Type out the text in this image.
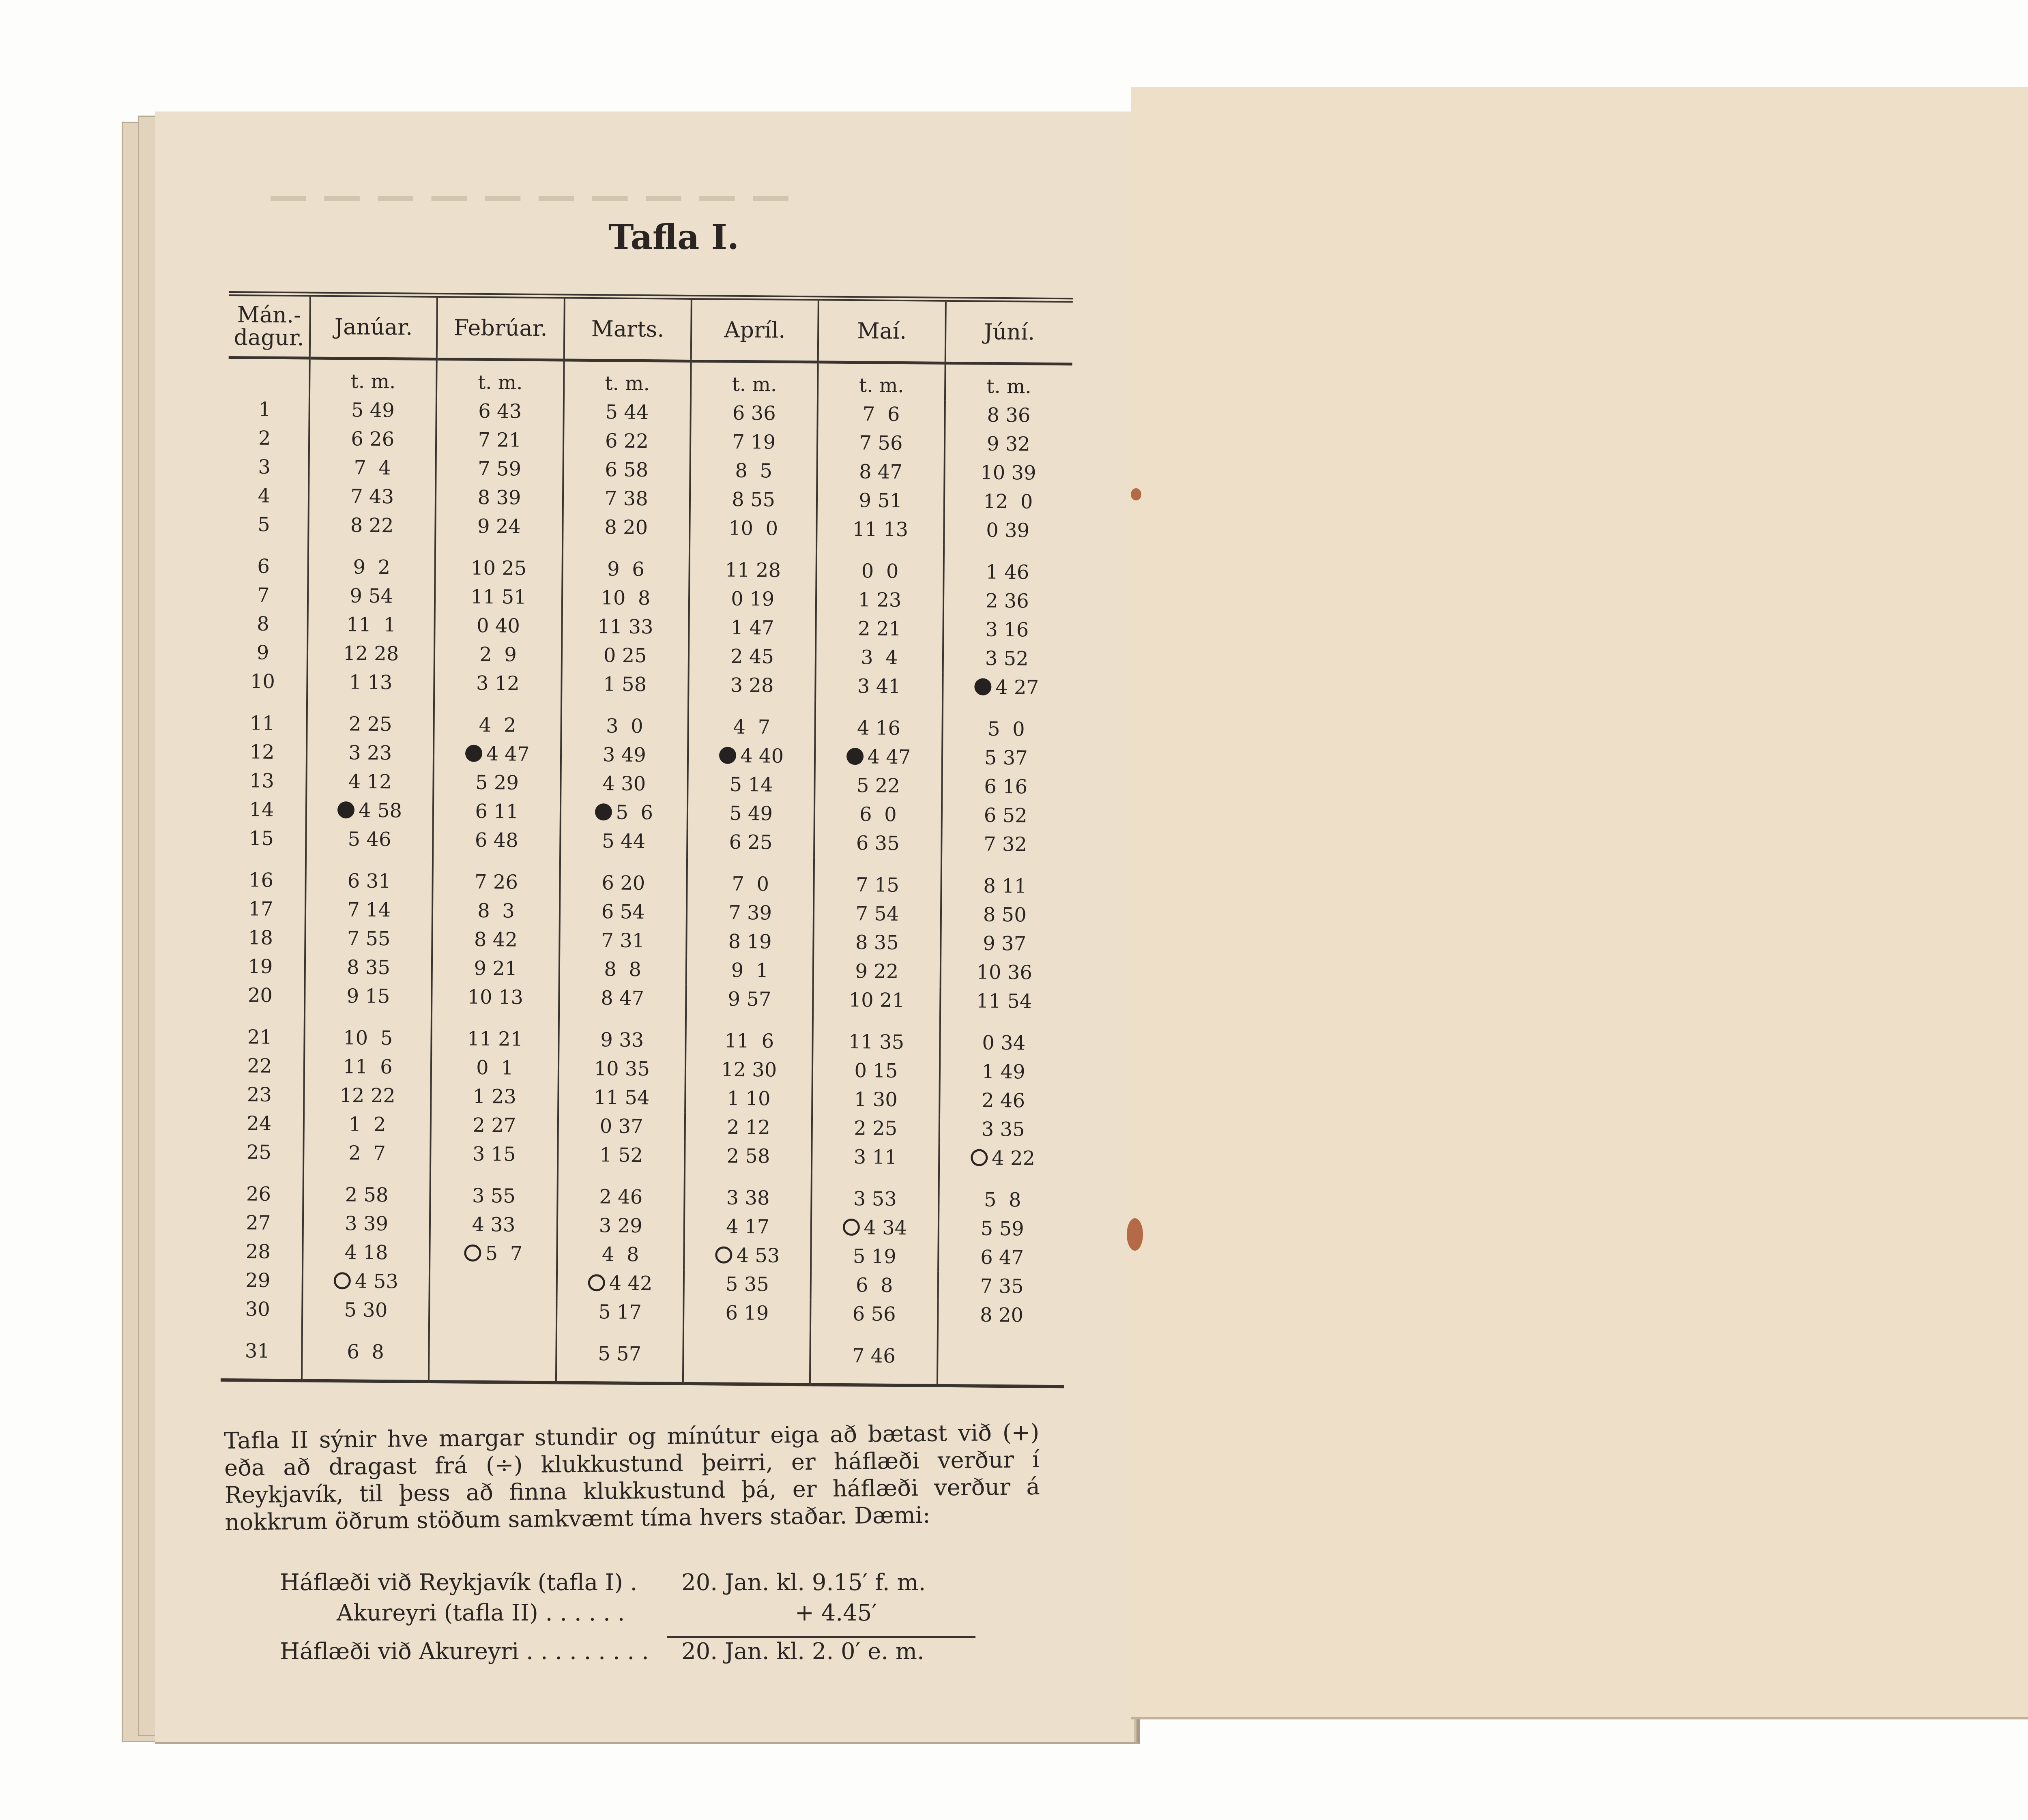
— — — — — — — — — —
Tafla I.
Mán.- dagur.	Janúar.	Febrúar.	Marts.	Apríl.	Maí.	Júní.
	t. m.	t. m.	t. m.	t. m.	t. m.	t. m.
1	5 49	6 43	5 44	6 36	7  6	8 36
2	6 26	7 21	6 22	7 19	7 56	9 32
3	7  4	7 59	6 58	8  5	8 47	10 39
4	7 43	8 39	7 38	8 55	9 51	12  0
5	8 22	9 24	8 20	10  0	11 13	0 39
6	9  2	10 25	9  6	11 28	0  0	1 46
7	9 54	11 51	10  8	0 19	1 23	2 36
8	11  1	0 40	11 33	1 47	2 21	3 16
9	12 28	2  9	0 25	2 45	3  4	3 52
10	1 13	3 12	1 58	3 28	3 41	4 27
11	2 25	4  2	3  0	4  7	4 16	5  0
12	3 23	4 47	3 49	4 40	4 47	5 37
13	4 12	5 29	4 30	5 14	5 22	6 16
14	4 58	6 11	5  6	5 49	6  0	6 52
15	5 46	6 48	5 44	6 25	6 35	7 32
16	6 31	7 26	6 20	7  0	7 15	8 11
17	7 14	8  3	6 54	7 39	7 54	8 50
18	7 55	8 42	7 31	8 19	8 35	9 37
19	8 35	9 21	8  8	9  1	9 22	10 36
20	9 15	10 13	8 47	9 57	10 21	11 54
21	10  5	11 21	9 33	11  6	11 35	0 34
22	11  6	0  1	10 35	12 30	0 15	1 49
23	12 22	1 23	11 54	1 10	1 30	2 46
24	1  2	2 27	0 37	2 12	2 25	3 35
25	2  7	3 15	1 52	2 58	3 11	4 22
26	2 58	3 55	2 46	3 38	3 53	5  8
27	3 39	4 33	3 29	4 17	4 34	5 59
28	4 18	5  7	4  8	4 53	5 19	6 47
29	4 53		4 42	5 35	6  8	7 35
30	5 30		5 17	6 19	6 56	8 20
31	6  8		5 57		7 46	
Tafla II sýnir hve margar stundir og mínútur eiga að bætast við (+) eða að dragast frá (÷) klukkustund þeirri, er háflæði verður í Reykjavík, til þess að finna klukkustund þá, er háflæði verður á nokkrum öðrum stöðum samkvæmt tíma hvers staðar. Dæmi:
Háflæði við Reykjavík (tafla I) . 20. Jan. kl. 9.15′ f. m.
Akureyri (tafla II) . . . . . .	+ 4.45′
Háflæði við Akureyri . . . . . . . . . 20. Jan. kl. 2. 0′ e. m.
